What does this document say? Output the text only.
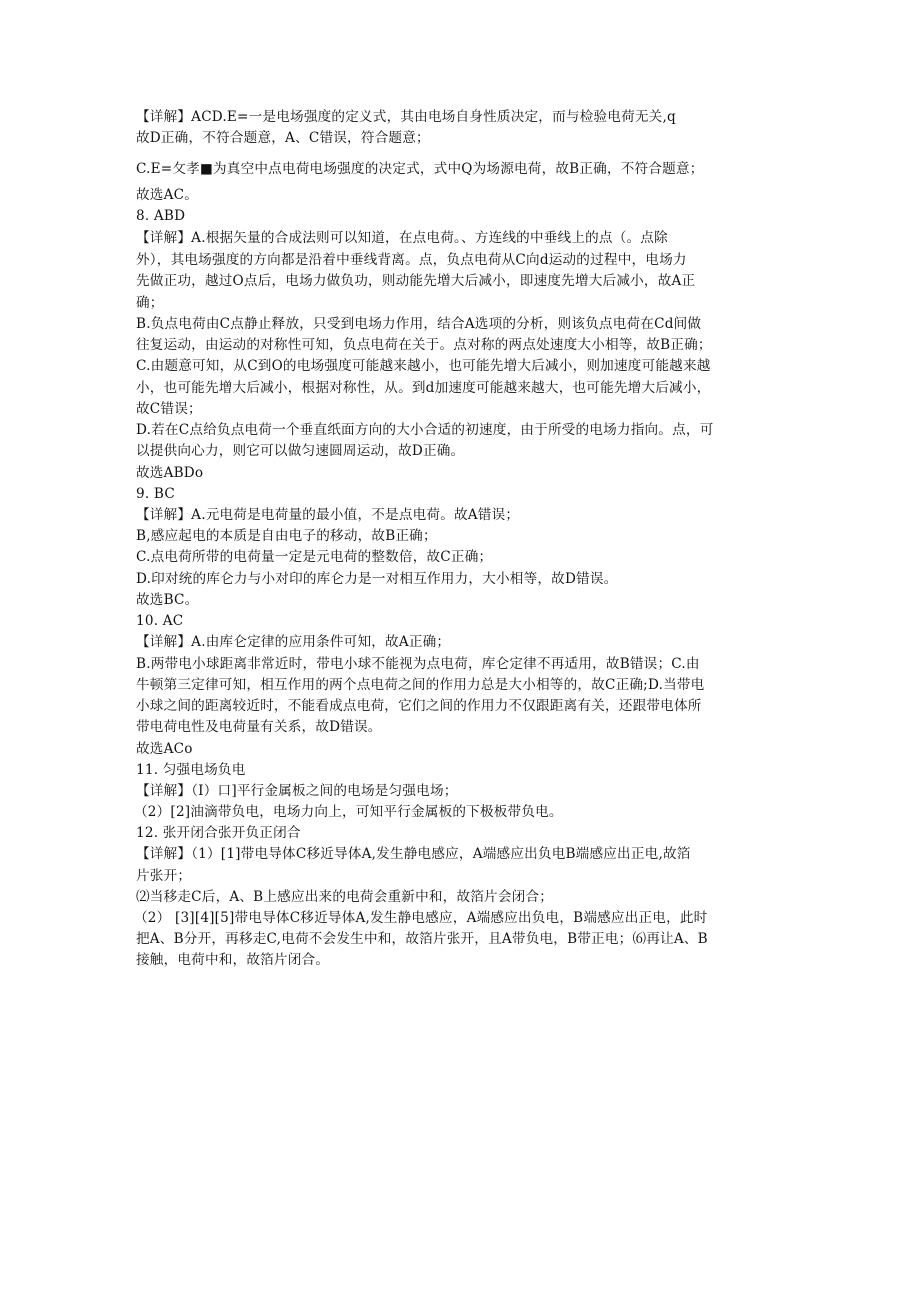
【详解】ACD.E=一是电场强度的定义式，其由电场自身性质决定，而与检验电荷无关,q

故D正确，不符合题意，A、C错误，符合题意；

C.E=攵孝■为真空中点电荷电场强度的决定式，式中Q为场源电荷，故B正确，不符合题意；

故选AC。

8. ABD

【详解】A.根据矢量的合成法则可以知道，在点电荷。、方连线的中垂线上的点（。点除

外），其电场强度的方向都是沿着中垂线背离。点，负点电荷从C向d运动的过程中，电场力

先做正功，越过O点后，电场力做负功，则动能先增大后减小，即速度先增大后减小，故A正

确；

B.负点电荷由C点静止释放，只受到电场力作用，结合A选项的分析，则该负点电荷在Cd间做

往复运动，由运动的对称性可知，负点电荷在关于。点对称的两点处速度大小相等，故B正确；

C.由题意可知，从C到O的电场强度可能越来越小，也可能先增大后减小，则加速度可能越来越

小，也可能先增大后减小，根据对称性，从。到d加速度可能越来越大，也可能先增大后减小，

故C错误；

D.若在C点给负点电荷一个垂直纸面方向的大小合适的初速度，由于所受的电场力指向。点，可

以提供向心力，则它可以做匀速圆周运动，故D正确。

故选ABDo

9. BC

【详解】A.元电荷是电荷量的最小值，不是点电荷。故A错误；

B,感应起电的本质是自由电子的移动，故B正确；

C.点电荷所带的电荷量一定是元电荷的整数倍，故C正确；

D.印对统的库仑力与小对印的库仑力是一对相互作用力，大小相等，故D错误。

故选BC。

10. AC

【详解】A.由库仑定律的应用条件可知，故A正确；

B.两带电小球距离非常近时，带电小球不能视为点电荷，库仑定律不再适用，故B错误；C.由

牛顿第三定律可知，相互作用的两个点电荷之间的作用力总是大小相等的，故C正确;D.当带电

小球之间的距离较近时，不能看成点电荷，它们之间的作用力不仅跟距离有关，还跟带电体所

带电荷电性及电荷量有关系，故D错误。

故选ACo

11. 匀强电场负电

【详解】（I）口]平行金属板之间的电场是匀强电场；

（2）[2]油滴带负电，电场力向上，可知平行金属板的下极板带负电。

12. 张开闭合张开负正闭合

【详解】（1）[1]带电导体C移近导体A,发生静电感应，A端感应出负电B端感应出正电,故箔

片张开；

⑵当移走C后，A、B上感应出来的电荷会重新中和，故箔片会闭合；

（2） [3][4][5]带电导体C移近导体A,发生静电感应，A端感应出负电，B端感应出正电，此时

把A、B分开，再移走C,电荷不会发生中和，故箔片张开，且A带负电，B带正电；⑹再让A、B

接触，电荷中和，故箔片闭合。
